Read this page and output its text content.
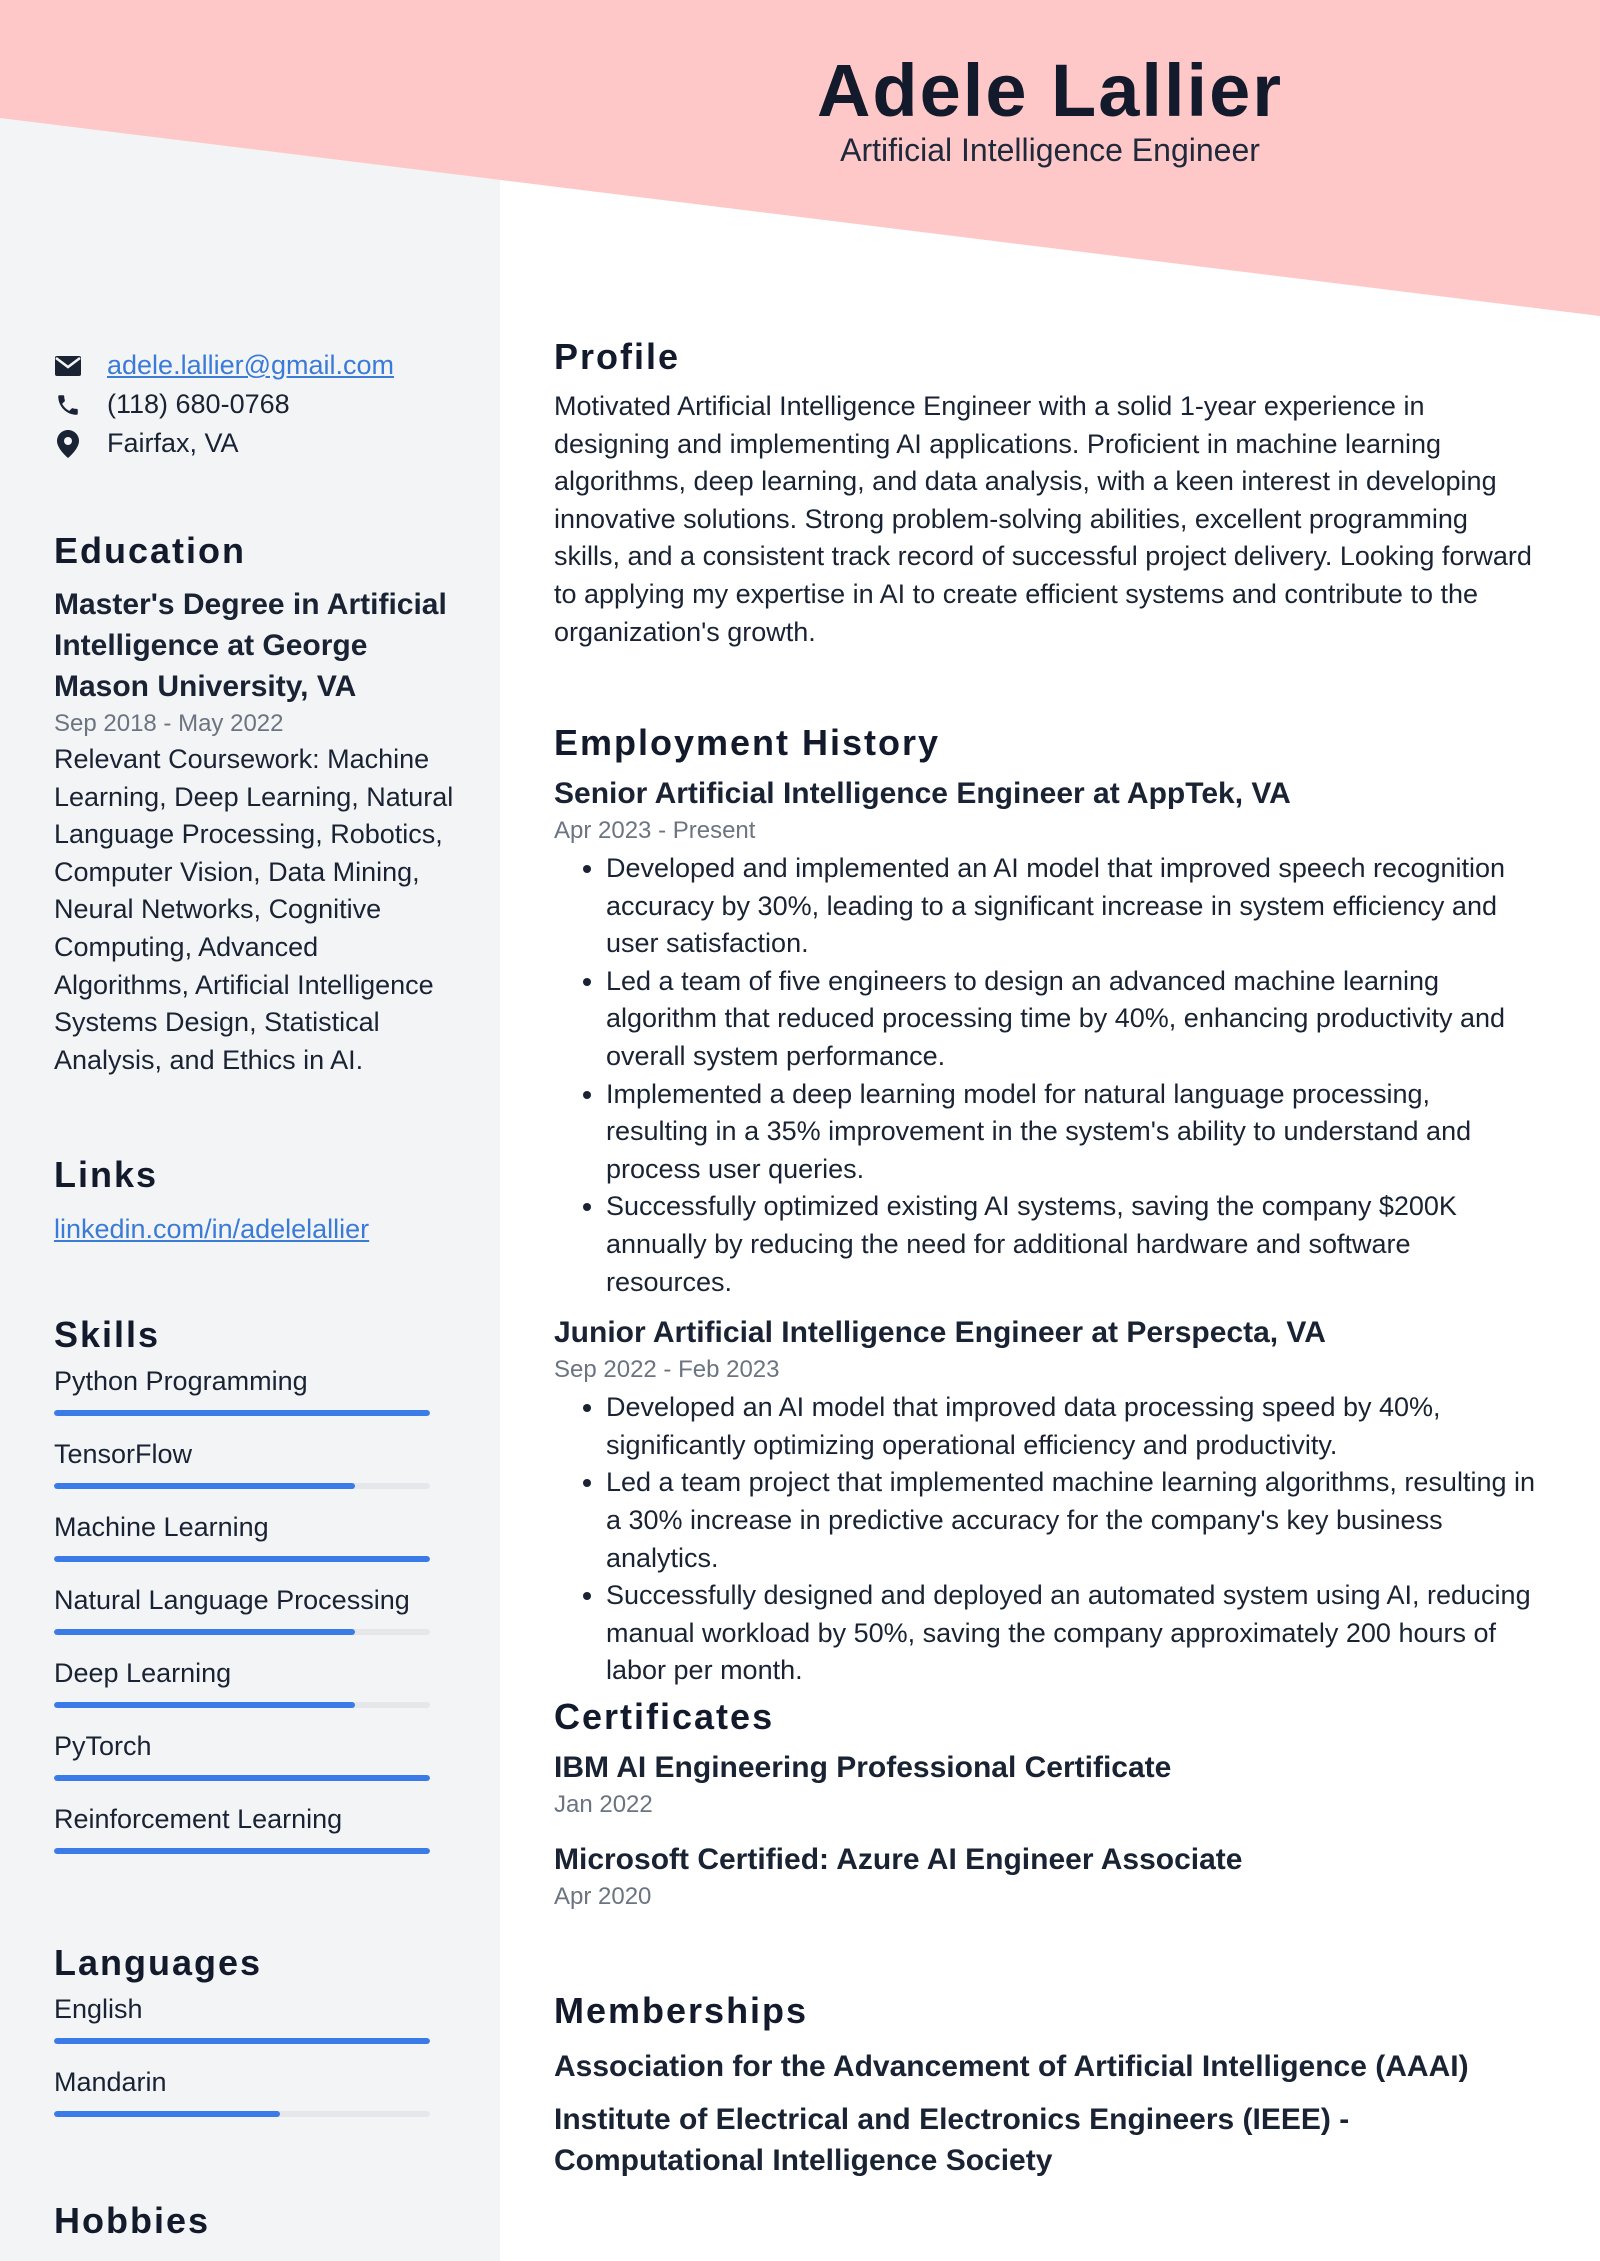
Adele Lallier
Artificial Intelligence Engineer
adele.lallier@gmail.com
(118) 680-0768
Fairfax, VA
Education
Master's Degree in Artificial Intelligence at George Mason University, VA
Sep 2018 - May 2022
Relevant Coursework: Machine Learning, Deep Learning, Natural Language Processing, Robotics, Computer Vision, Data Mining, Neural Networks, Cognitive Computing, Advanced Algorithms, Artificial Intelligence Systems Design, Statistical Analysis, and Ethics in AI.
Links
linkedin.com/in/adelelallier
Skills
Python Programming
TensorFlow
Machine Learning
Natural Language Processing
Deep Learning
PyTorch
Reinforcement Learning
Languages
English
Mandarin
Hobbies
Profile
Motivated Artificial Intelligence Engineer with a solid 1-year experience in designing and implementing AI applications. Proficient in machine learning algorithms, deep learning, and data analysis, with a keen interest in developing innovative solutions. Strong problem-solving abilities, excellent programming skills, and a consistent track record of successful project delivery. Looking forward to applying my expertise in AI to create efficient systems and contribute to the organization's growth.
Employment History
Senior Artificial Intelligence Engineer at AppTek, VA
Apr 2023 - Present
• Developed and implemented an AI model that improved speech recognition accuracy by 30%, leading to a significant increase in system efficiency and user satisfaction.
• Led a team of five engineers to design an advanced machine learning algorithm that reduced processing time by 40%, enhancing productivity and overall system performance.
• Implemented a deep learning model for natural language processing, resulting in a 35% improvement in the system's ability to understand and process user queries.
• Successfully optimized existing AI systems, saving the company $200K annually by reducing the need for additional hardware and software resources.
Junior Artificial Intelligence Engineer at Perspecta, VA
Sep 2022 - Feb 2023
• Developed an AI model that improved data processing speed by 40%, significantly optimizing operational efficiency and productivity.
• Led a team project that implemented machine learning algorithms, resulting in a 30% increase in predictive accuracy for the company's key business analytics.
• Successfully designed and deployed an automated system using AI, reducing manual workload by 50%, saving the company approximately 200 hours of labor per month.
Certificates
IBM AI Engineering Professional Certificate
Jan 2022
Microsoft Certified: Azure AI Engineer Associate
Apr 2020
Memberships
Association for the Advancement of Artificial Intelligence (AAAI)
Institute of Electrical and Electronics Engineers (IEEE) - Computational Intelligence Society
